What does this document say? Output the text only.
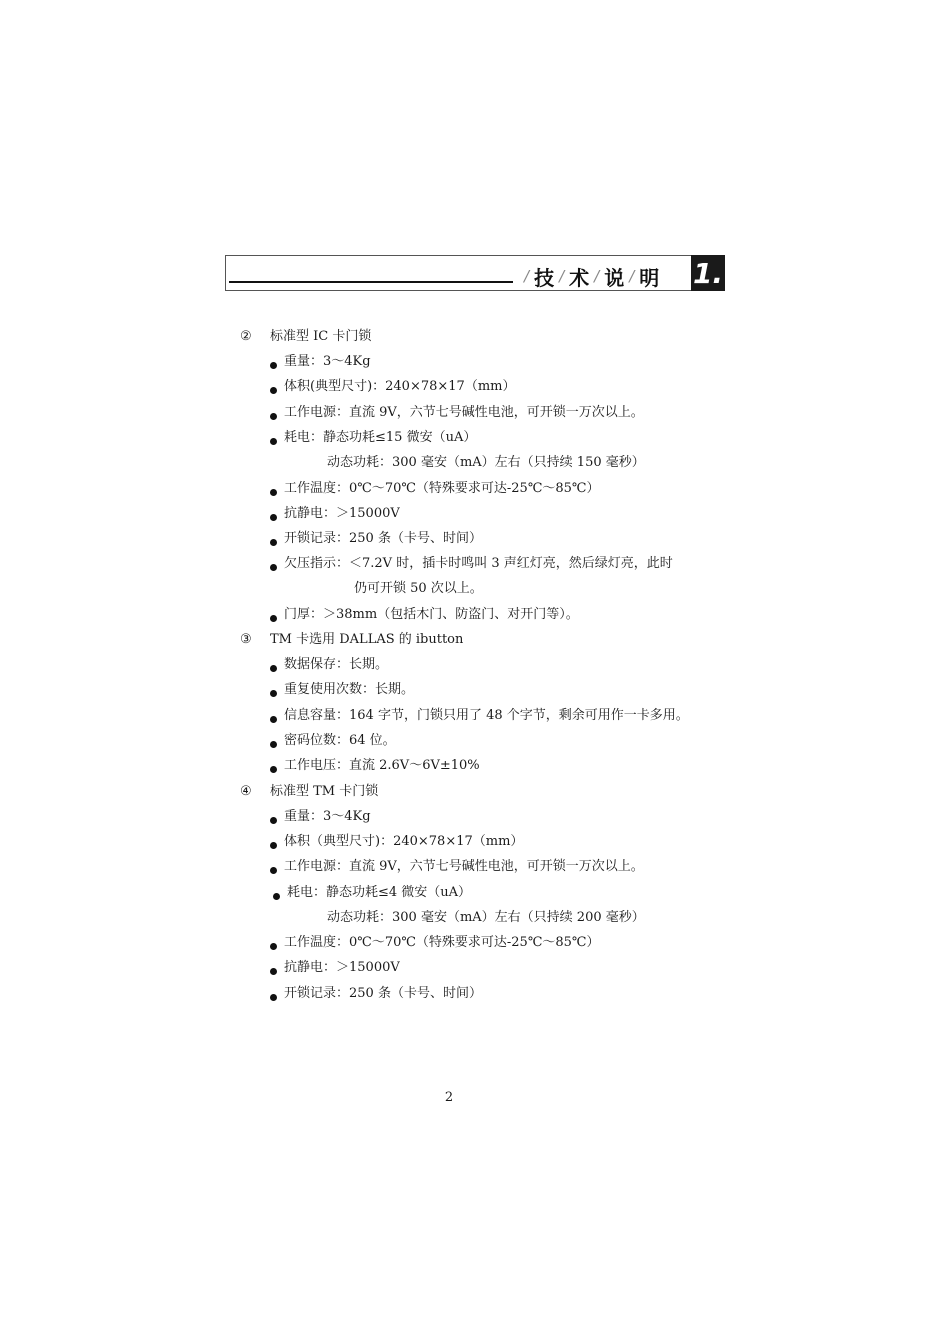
/ 技 / 术 / 说 / 明 1.
② 标准型 IC 卡门锁
重量：3～4Kg
体积(典型尺寸)：240×78×17（mm）
工作电源：直流 9V，六节七号碱性电池，可开锁一万次以上。
耗电：静态功耗≤15 微安（uA）
动态功耗：300 毫安（mA）左右（只持续 150 毫秒）
工作温度：0℃～70℃（特殊要求可达-25℃～85℃）
抗静电：＞15000V
开锁记录：250 条（卡号、时间）
欠压指示：＜7.2V 时，插卡时鸣叫 3 声红灯亮，然后绿灯亮，此时
仍可开锁 50 次以上。
门厚：＞38mm（包括木门、防盗门、对开门等）。
③ TM 卡选用 DALLAS 的 ibutton
数据保存：长期。
重复使用次数：长期。
信息容量：164 字节，门锁只用了 48 个字节，剩余可用作一卡多用。
密码位数：64 位。
工作电压：直流 2.6V～6V±10%
④ 标准型 TM 卡门锁
重量：3～4Kg
体积（典型尺寸)：240×78×17（mm）
工作电源：直流 9V，六节七号碱性电池，可开锁一万次以上。
耗电：静态功耗≤4 微安（uA）
动态功耗：300 毫安（mA）左右（只持续 200 毫秒）
工作温度：0℃～70℃（特殊要求可达-25℃～85℃）
抗静电：＞15000V
开锁记录：250 条（卡号、时间）
2
